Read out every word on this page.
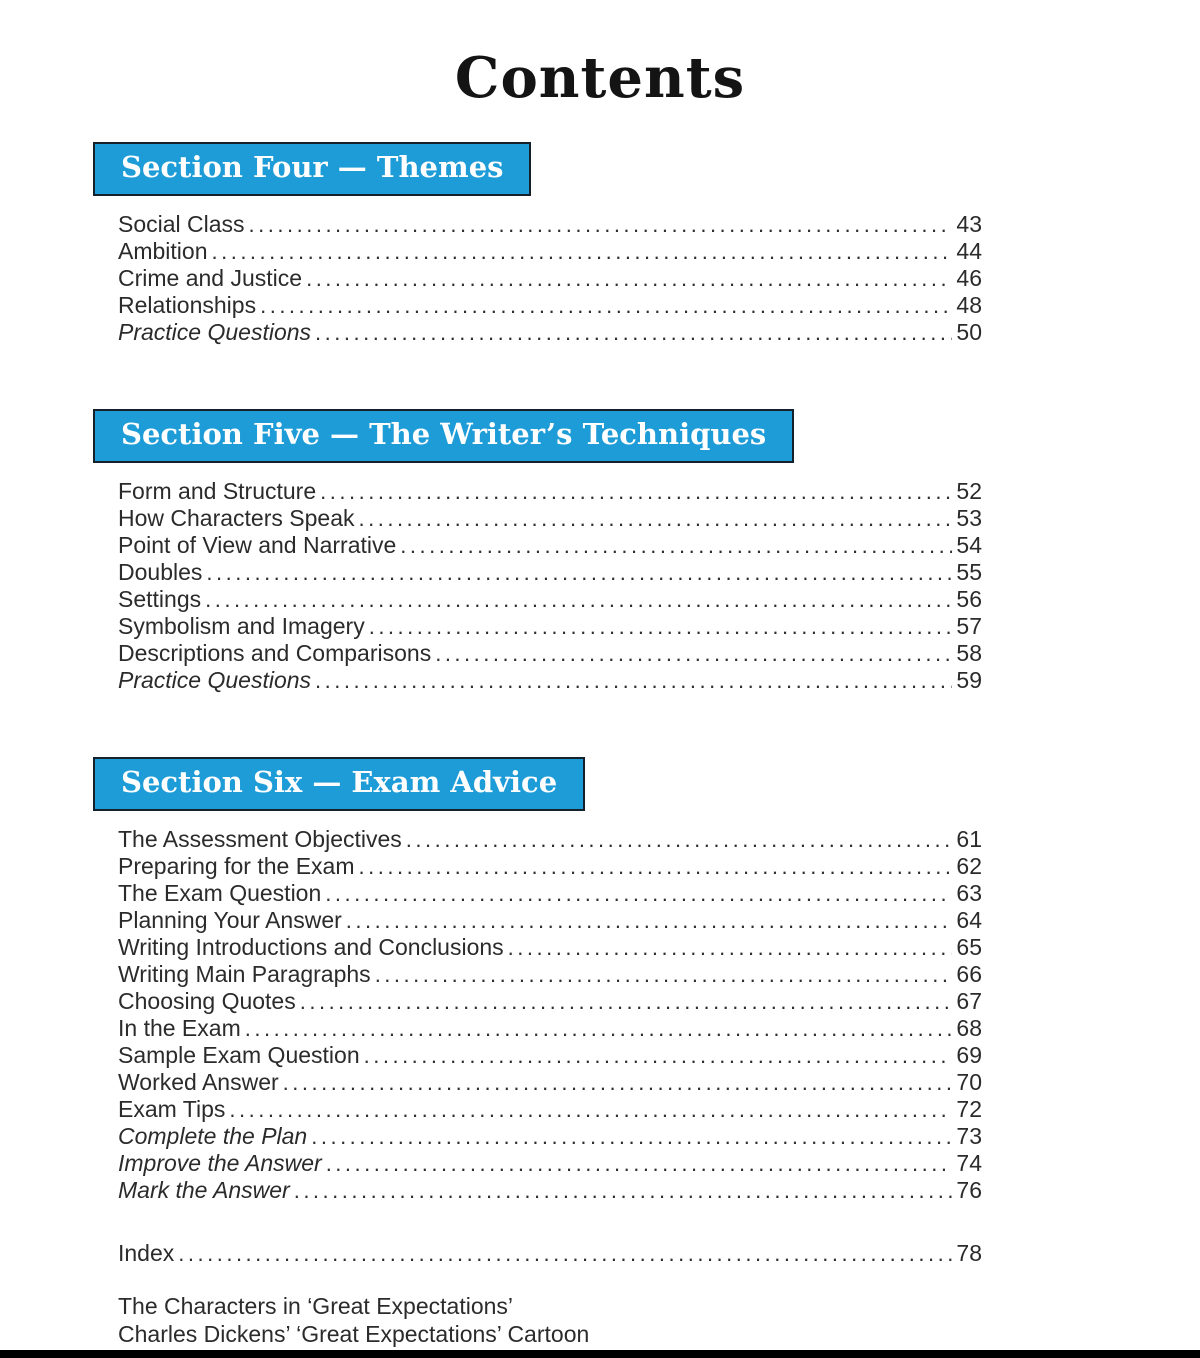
Contents
Section Four — Themes
Social Class .....	43
Ambition .....	44
Crime and Justice .....	46
Relationships .....	48
Practice Questions .....	50
Section Five — The Writer’s Techniques
Form and Structure .....	52
How Characters Speak .....	53
Point of View and Narrative .....	54
Doubles .....	55
Settings .....	56
Symbolism and Imagery .....	57
Descriptions and Comparisons .....	58
Practice Questions .....	59
Section Six — Exam Advice
The Assessment Objectives .....	61
Preparing for the Exam .....	62
The Exam Question .....	63
Planning Your Answer .....	64
Writing Introductions and Conclusions .....	65
Writing Main Paragraphs .....	66
Choosing Quotes .....	67
In the Exam .....	68
Sample Exam Question .....	69
Worked Answer .....	70
Exam Tips .....	72
Complete the Plan .....	73
Improve the Answer .....	74
Mark the Answer .....	76
Index .....	78
The Characters in ‘Great Expectations’
Charles Dickens’ ‘Great Expectations’ Cartoon
